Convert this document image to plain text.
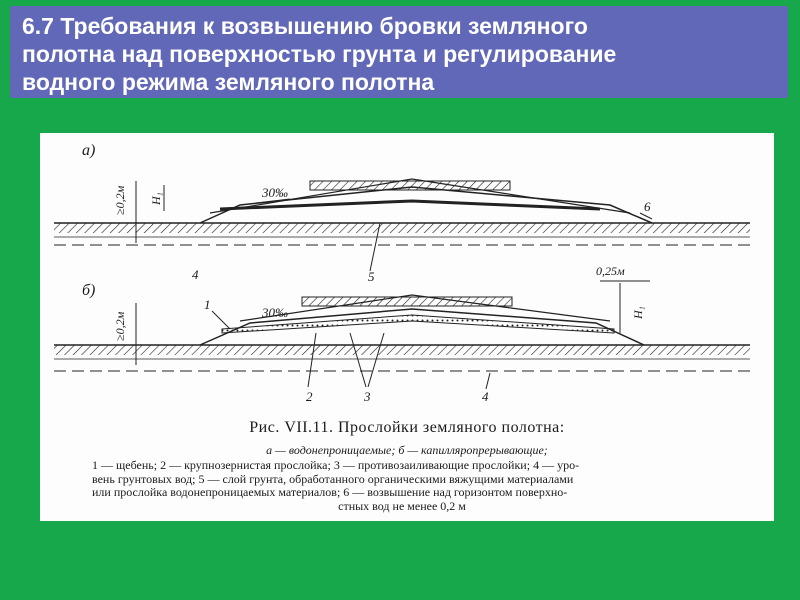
6.7 Требования к возвышению бровки земляного
полотна над поверхностью грунта и регулирование
водного режима земляного полотна
а)
30‰
≥0,2м H₁
6
4	5
б)
30‰
≥0,2м
0,25м
H₁
1
2	3	4
Рис. VII.11. Прослойки земляного полотна:
а — водонепроницаемые; б — капилляропрерывающие;
1 — щебень; 2 — крупнозернистая прослойка; 3 — противозаиливающие прослойки; 4 — уро-
вень грунтовых вод; 5 — слой грунта, обработанного органическими вяжущими материалами
или прослойка водонепроницаемых материалов; 6 — возвышение над горизонтом поверхно-
стных вод не менее 0,2 м
